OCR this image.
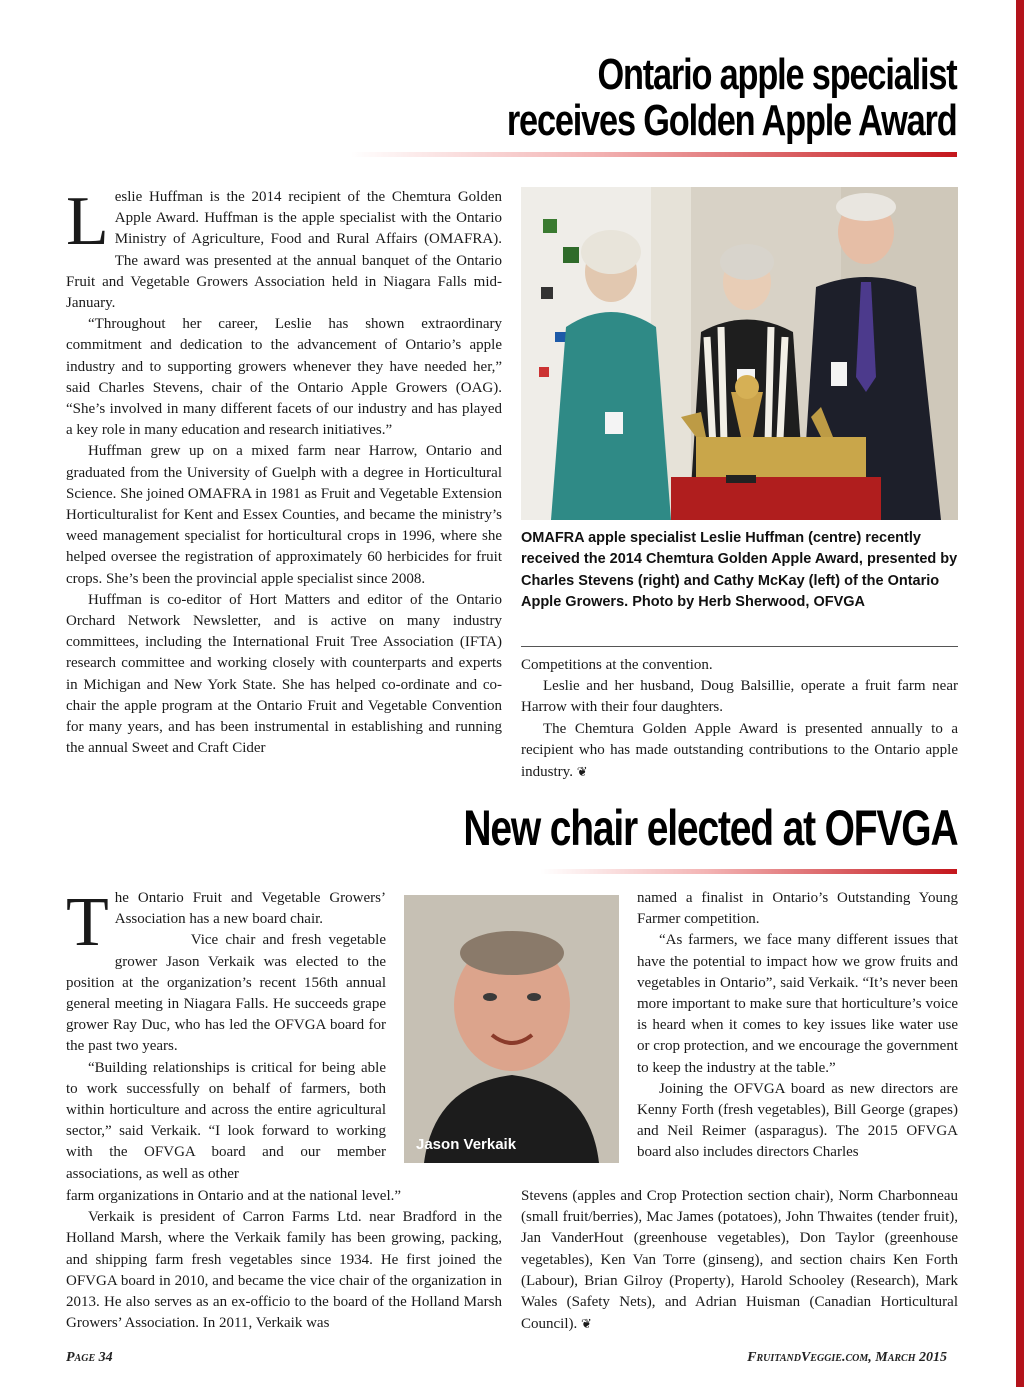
Ontario apple specialist
receives Golden Apple Award

Leslie Huffman is the 2014 recipient of the Chemtura Golden Apple Award. Huffman is the apple specialist with the Ontario Ministry of Agriculture, Food and Rural Affairs (OMAFRA). The award was presented at the annual banquet of the Ontario Fruit and Vegetable Growers Association held in Niagara Falls mid-January.

“Throughout her career, Leslie has shown extraordinary commitment and dedication to the advancement of Ontario’s apple industry and to supporting growers whenever they have needed her,” said Charles Stevens, chair of the Ontario Apple Growers (OAG). “She’s involved in many different facets of our industry and has played a key role in many education and research initiatives.”

Huffman grew up on a mixed farm near Harrow, Ontario and graduated from the University of Guelph with a degree in Horticultural Science. She joined OMAFRA in 1981 as Fruit and Vegetable Extension Horticulturalist for Kent and Essex Counties, and became the ministry’s weed management specialist for horticultural crops in 1996, where she helped oversee the registration of approximately 60 herbicides for fruit crops. She’s been the provincial apple specialist since 2008.

Huffman is co-editor of Hort Matters and editor of the Ontario Orchard Network Newsletter, and is active on many industry committees, including the International Fruit Tree Association (IFTA) research committee and working closely with counterparts and experts in Michigan and New York State. She has helped co-ordinate and co-chair the apple program at the Ontario Fruit and Vegetable Convention for many years, and has been instrumental in establishing and running the annual Sweet and Craft Cider

OMAFRA apple specialist Leslie Huffman (centre) recently received the 2014 Chemtura Golden Apple Award, presented by Charles Stevens (right) and Cathy McKay (left) of the Ontario Apple Growers. Photo by Herb Sherwood, OFVGA

Competitions at the convention.

Leslie and her husband, Doug Balsillie, operate a fruit farm near Harrow with their four daughters.

The Chemtura Golden Apple Award is presented annually to a recipient who has made outstanding contributions to the Ontario apple industry. ❦

New chair elected at OFVGA

The Ontario Fruit and Vegetable Growers’ Association has a new board chair.

Vice chair and fresh vegetable grower Jason Verkaik was elected to the position at the organization’s recent 156th annual general meeting in Niagara Falls. He succeeds grape grower Ray Duc, who has led the OFVGA board for the past two years.

“Building relationships is critical for being able to work successfully on behalf of farmers, both within horticulture and across the entire agricultural sector,” said Verkaik. “I look forward to working with the OFVGA board and our member associations, as well as other

farm organizations in Ontario and at the national level.”

Verkaik is president of Carron Farms Ltd. near Bradford in the Holland Marsh, where the Verkaik family has been growing, packing, and shipping farm fresh vegetables since 1934. He first joined the OFVGA board in 2010, and became the vice chair of the organization in 2013. He also serves as an ex-officio to the board of the Holland Marsh Growers’ Association. In 2011, Verkaik was

Jason Verkaik

named a finalist in Ontario’s Outstanding Young Farmer competition.

“As farmers, we face many different issues that have the potential to impact how we grow fruits and vegetables in Ontario”, said Verkaik. “It’s never been more important to make sure that horticulture’s voice is heard when it comes to key issues like water use or crop protection, and we encourage the government to keep the industry at the table.”

Joining the OFVGA board as new directors are Kenny Forth (fresh vegetables), Bill George (grapes) and Neil Reimer (asparagus). The 2015 OFVGA board also includes directors Charles

Stevens (apples and Crop Protection section chair), Norm Charbonneau (small fruit/berries), Mac James (potatoes), John Thwaites (tender fruit), Jan VanderHout (greenhouse vegetables), Don Taylor (greenhouse vegetables), Ken Van Torre (ginseng), and section chairs Ken Forth (Labour), Brian Gilroy (Property), Harold Schooley (Research), Mark Wales (Safety Nets), and Adrian Huisman (Canadian Horticultural Council). ❦

Page 34	FruitandVeggie.com, March 2015
